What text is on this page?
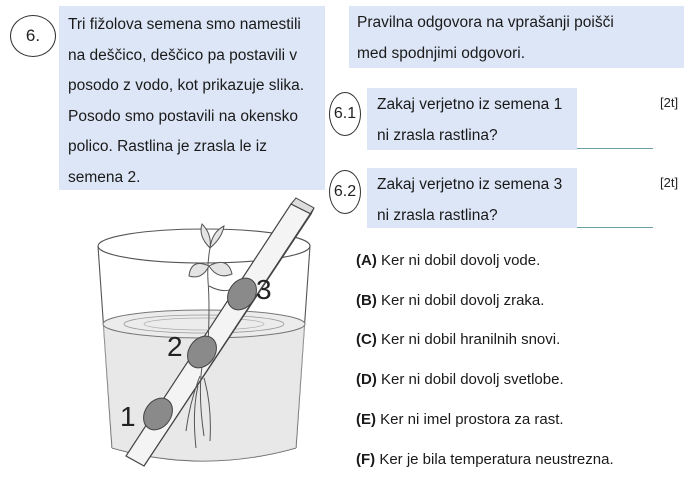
6.
Tri fižolova semena smo namestili
na deščico, deščico pa postavili v
posodo z vodo, kot prikazuje slika.
Posodo smo postavili na okensko
polico. Rastlina je zrasla le iz
semena 2.
Pravilna odgovora na vprašanji poišči
med spodnjimi odgovori.
6.1
Zakaj verjetno iz semena 1
ni zrasla rastlina?
[2t]
6.2 Zakaj verjetno iz semena 3
ni zrasla rastlina?
[2t]
(A) Ker ni dobil dovolj vode.
(B) Ker ni dobil dovolj zraka.
(C) Ker ni dobil hranilnih snovi.
(D) Ker ni dobil dovolj svetlobe.
(E) Ker ni imel prostora za rast.
(F) Ker je bila temperatura neustrezna.
1
2
3
